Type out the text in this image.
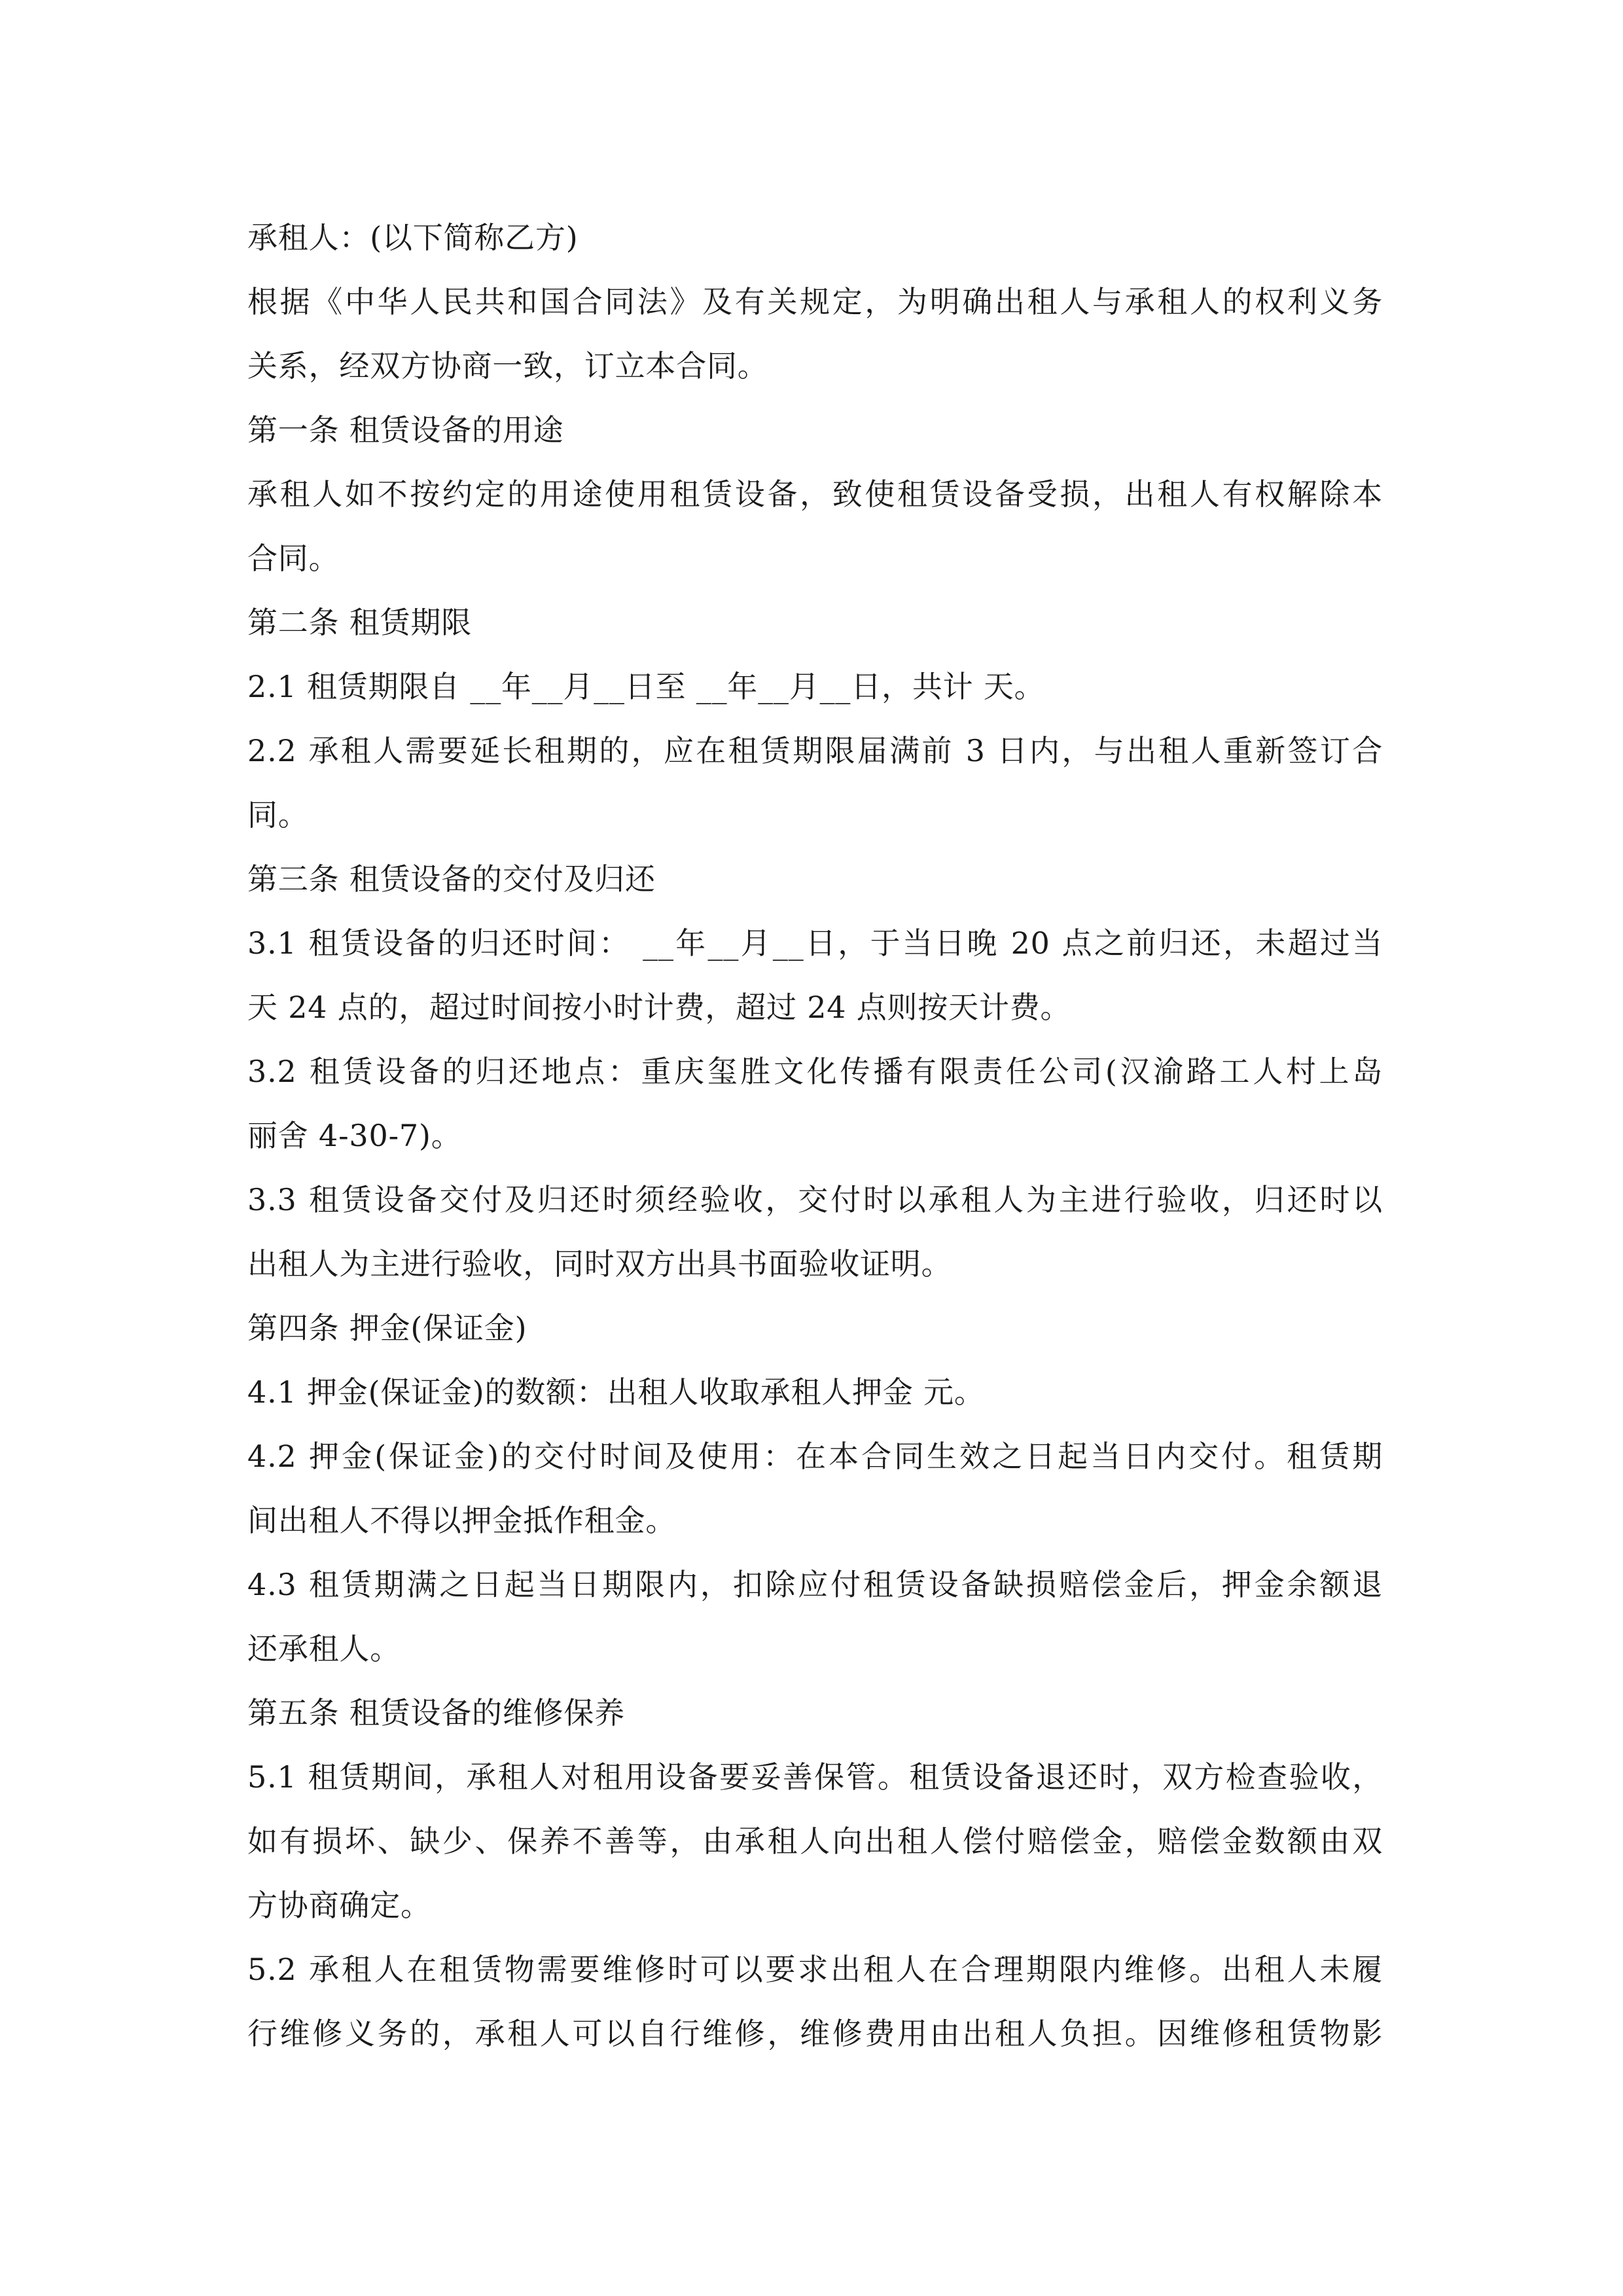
承租人：(以下简称乙方)
根据《中华人民共和国合同法》及有关规定，为明确出租人与承租人的权利义务
关系，经双方协商一致，订立本合同。
第一条 租赁设备的用途
承租人如不按约定的用途使用租赁设备，致使租赁设备受损，出租人有权解除本
合同。
第二条 租赁期限
2.1 租赁期限自 __年__月__日至 __年__月__日，共计 天。
2.2 承租人需要延长租期的，应在租赁期限届满前 3 日内，与出租人重新签订合
同。
第三条 租赁设备的交付及归还
3.1 租赁设备的归还时间： __年__月__日，于当日晚 20 点之前归还，未超过当
天 24 点的，超过时间按小时计费，超过 24 点则按天计费。
3.2 租赁设备的归还地点：重庆玺胜文化传播有限责任公司(汉渝路工人村上岛
丽舍 4-30-7)。
3.3 租赁设备交付及归还时须经验收，交付时以承租人为主进行验收，归还时以
出租人为主进行验收，同时双方出具书面验收证明。
第四条 押金(保证金)
4.1 押金(保证金)的数额：出租人收取承租人押金 元。
4.2 押金(保证金)的交付时间及使用：在本合同生效之日起当日内交付。租赁期
间出租人不得以押金抵作租金。
4.3 租赁期满之日起当日期限内，扣除应付租赁设备缺损赔偿金后，押金余额退
还承租人。
第五条 租赁设备的维修保养
5.1 租赁期间，承租人对租用设备要妥善保管。租赁设备退还时，双方检查验收，
如有损坏、缺少、保养不善等，由承租人向出租人偿付赔偿金，赔偿金数额由双
方协商确定。
5.2 承租人在租赁物需要维修时可以要求出租人在合理期限内维修。出租人未履
行维修义务的，承租人可以自行维修，维修费用由出租人负担。因维修租赁物影
